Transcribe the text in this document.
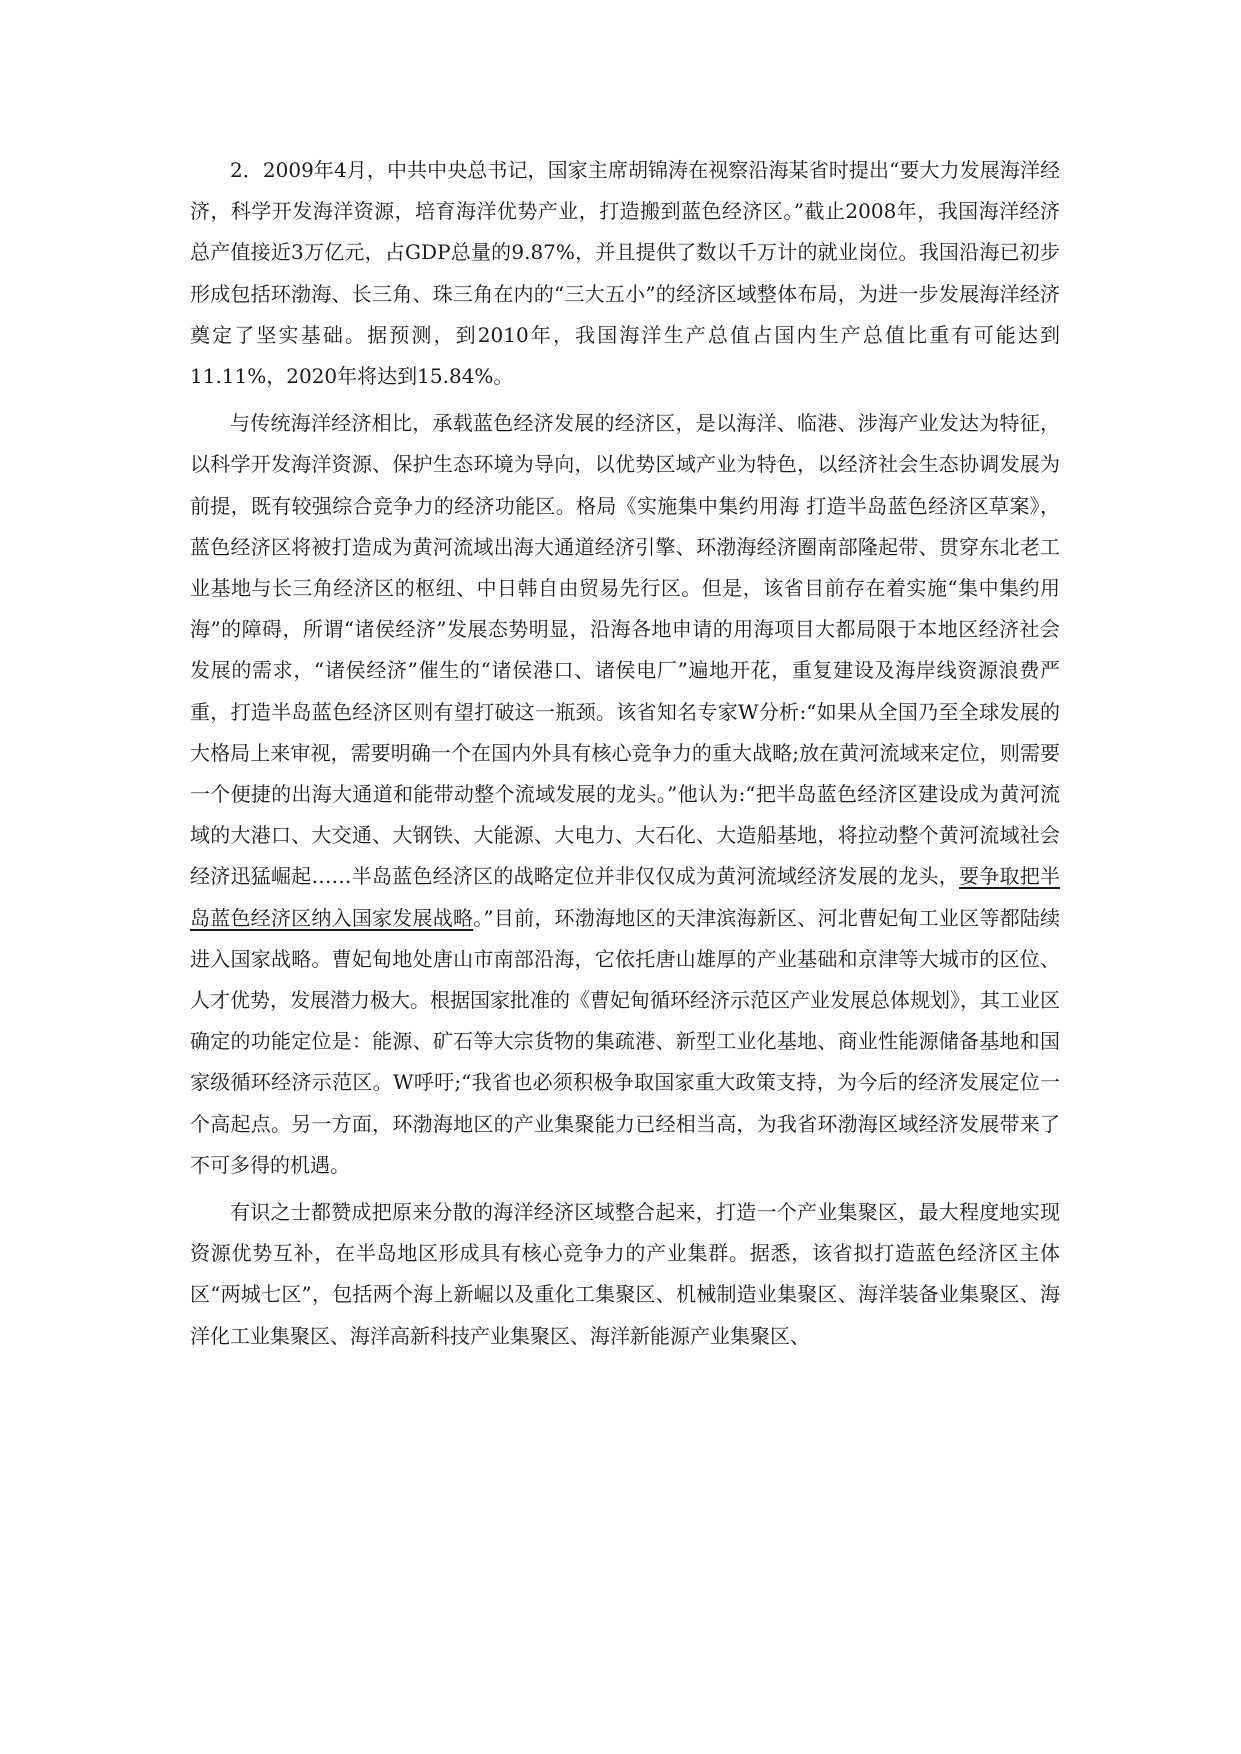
2．2009年4月，中共中央总书记，国家主席胡锦涛在视察沿海某省时提出“要大力发展海洋经济，科学开发海洋资源，培育海洋优势产业，打造搬到蓝色经济区。”截止2008年，我国海洋经济总产值接近3万亿元，占GDP总量的9.87%，并且提供了数以千万计的就业岗位。我国沿海已初步形成包括环渤海、长三角、珠三角在内的“三大五小”的经济区域整体布局，为进一步发展海洋经济奠定了坚实基础。据预测，到2010年，我国海洋生产总值占国内生产总值比重有可能达到11.11%，2020年将达到15.84%。

与传统海洋经济相比，承载蓝色经济发展的经济区，是以海洋、临港、涉海产业发达为特征，以科学开发海洋资源、保护生态环境为导向，以优势区域产业为特色，以经济社会生态协调发展为前提，既有较强综合竞争力的经济功能区。格局《实施集中集约用海 打造半岛蓝色经济区草案》，蓝色经济区将被打造成为黄河流域出海大通道经济引擎、环渤海经济圈南部隆起带、贯穿东北老工业基地与长三角经济区的枢纽、中日韩自由贸易先行区。但是，该省目前存在着实施“集中集约用海”的障碍，所谓“诸侯经济”发展态势明显，沿海各地申请的用海项目大都局限于本地区经济社会发展的需求，“诸侯经济”催生的“诸侯港口、诸侯电厂”遍地开花，重复建设及海岸线资源浪费严重，打造半岛蓝色经济区则有望打破这一瓶颈。该省知名专家W分析:“如果从全国乃至全球发展的大格局上来审视，需要明确一个在国内外具有核心竞争力的重大战略;放在黄河流域来定位，则需要一个便捷的出海大通道和能带动整个流域发展的龙头。”他认为:“把半岛蓝色经济区建设成为黄河流域的大港口、大交通、大钢铁、大能源、大电力、大石化、大造船基地，将拉动整个黄河流域社会经济迅猛崛起……半岛蓝色经济区的战略定位并非仅仅成为黄河流域经济发展的龙头，要争取把半岛蓝色经济区纳入国家发展战略。”目前，环渤海地区的天津滨海新区、河北曹妃甸工业区等都陆续进入国家战略。曹妃甸地处唐山市南部沿海，它依托唐山雄厚的产业基础和京津等大城市的区位、人才优势，发展潜力极大。根据国家批准的《曹妃甸循环经济示范区产业发展总体规划》，其工业区确定的功能定位是：能源、矿石等大宗货物的集疏港、新型工业化基地、商业性能源储备基地和国家级循环经济示范区。W呼吁;“我省也必须积极争取国家重大政策支持，为今后的经济发展定位一个高起点。另一方面，环渤海地区的产业集聚能力已经相当高，为我省环渤海区域经济发展带来了不可多得的机遇。

有识之士都赞成把原来分散的海洋经济区域整合起来，打造一个产业集聚区，最大程度地实现资源优势互补，在半岛地区形成具有核心竞争力的产业集群。据悉，该省拟打造蓝色经济区主体区“两城七区”，包括两个海上新崛以及重化工集聚区、机械制造业集聚区、海洋装备业集聚区、海洋化工业集聚区、海洋高新科技产业集聚区、海洋新能源产业集聚区、
